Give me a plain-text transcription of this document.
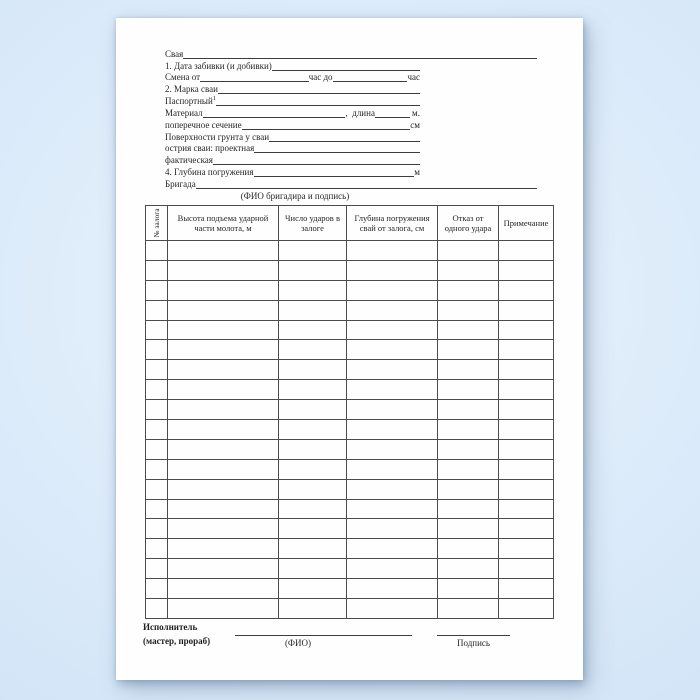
Свая
1. Дата забивки (и добивки)
Смена от	час до	час
2. Марка сваи
Паспортный$^1$
Материал	,  длина	м.
поперечное сечение	см
Поверхности грунта у сваи
острия сваи: проектная
фактическая
4. Глубина погружения	м
Бригада
(ФИО бригадира и подпись)
№ залога	Высота подъема ударной части молота, м	Число ударов в залоге	Глубина погружения свай от залога, см	Отказ от одного удара	Примечание

Исполнитель
(мастер, прораб)	(ФИО)	Подпись
